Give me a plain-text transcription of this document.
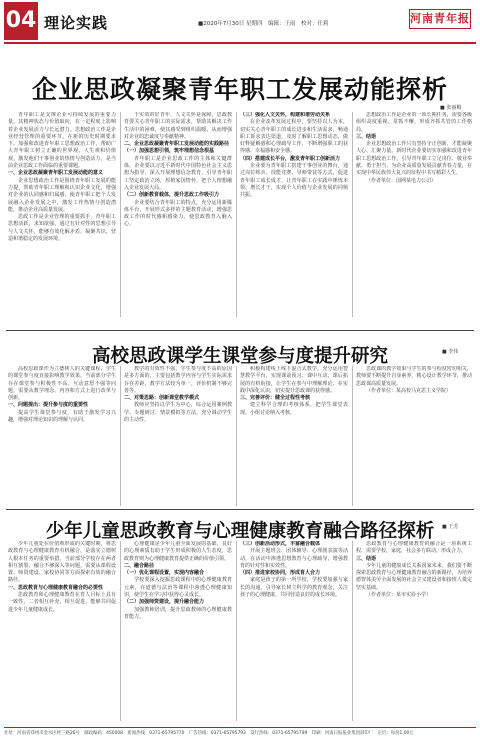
04 理论实践	■2020年7月30日 星期四　编辑：王雨　校对：任莉	河南青年报
企业思政凝聚青年职工发展动能探析
■ 张丽梅

青年职工是支撑企业可持续发展的重要力量，其精神状态与价值取向，在一定程度上影响着企业发展活力与长远潜力。思想政治工作是企业经营管理的重要环节，在新的历史时期要求下，加强和改进青年职工思想政治工作，帮助广大青年职工树立正确的世界观、人生观和价值观，激发他们干事创业的热情与创造活力，是当前企业思政工作面临的重要课题。

一、企业思政凝聚青年职工发展动能的意义

企业思想政治工作是围绕青年职工发展的能力提，帮助青年职工理解和认识企业文化，增强对企业的认同感和归属感，使青年职工把个人发展融入企业发展之中，激发工作热情与创造潜能，推动企业高质量发展。

思政工作是企业管理的重要抓手，青年职工思想活跃、求知欲强，通过有针对性的思想引导与人文关怀，能够有效化解矛盾，凝聚共识，营造和谐稳定的发展环境。

干实效的好青年，人文关怀是保障，思政教育要关心青年职工的实际需求，帮助其解决工作生活中的困难，使其感受到组织温暖，从而增强对企业的忠诚度与奉献精神。

二、企业思政凝聚青年职工发展动能的实践路径

（一）加强思想引领，筑牢理想信念根基

青年职工是企业思政工作的主体和关键群体，企业要以习近平新时代中国特色社会主义思想为指导，深入开展理想信念教育，引导青年职工坚定政治立场，厚植家国情怀，把个人理想融入企业发展大局。

（二）创新教育载体，提升思政工作吸引力

企业要结合青年职工的特点，充分运用新媒体平台，开展形式多样的主题教育活动，增强思政工作的时代感和感染力，使思政教育入脑入心。

（三）强化人文关怀，构建和谐劳动关系

在企业改革发展过程中，要坚持以人为本，切实关心青年职工的成长进步和生活需求，畅通职工诉求表达渠道，及时了解职工思想动态，做好释疑解惑和心理疏导工作，不断增强职工的获得感、幸福感和安全感。

（四）搭建成长平台，激发青年职工创新活力

企业要为青年职工搭建干事创业的舞台，通过岗位练兵、技能竞赛、导师带徒等方式，促进青年职工成长成才，让青年职工在实践中锤炼本领、增长才干，实现个人价值与企业发展的同频共振。

思想政治工作是企业的一项长期任务，需要各级组织高度重视、常抓不懈，形成齐抓共管的工作格局。

三、结语

企业思想政治工作只有坚持守正创新，才能凝聚人心、汇聚力量。新时代企业要切实加强和改进青年职工思想政治工作，引导青年职工立足岗位、敬业奉献、勇于担当，为企业高质量发展贡献青春力量，在实现中华民族伟大复兴的征程中书写精彩人生。

（作者单位：国网某电力公司）

高校思政课学生课堂参与度提升研究	■ 李伟

高校思政课作为立德树人的关键课程，学生的课堂参与度直接影响教学效果。当前部分学生存在课堂参与积极性不高、互动意愿不强等问题，需要从教学理念、内容和方式上进行改革与创新。

一、问题提出：提升参与度的重要性

提高学生课堂参与度，有助于激发学习兴趣，增强对理论知识的理解与认同。

教学的有效性不强，学生参与度不高的原因是多方面的，主要包括教学内容与学生实际需求存在差距，教学方法较为单一，评价机制不够完善等。

二、对策思路：创新课堂教学模式

教师应坚持以学生为中心，综合运用案例教学、专题研讨、情景模拟等方法，充分调动学生的主动性。

积极构建线上线下混合式教学，充分运用智慧教学平台，实现课前预习、课中互动、课后拓展的有机衔接，让学生在参与中理解理论、在实践中深化认识，切实提升思政课的获得感。

三、完善评价：健全过程性考核

建立科学合理的考核体系，把学生课堂表现、小组讨论纳入考核。

思政课的教学效果与学生的参与程度密切相关，教师要不断提升自身素养，精心设计教学环节，推动思政课高质量发展。

（作者单位：某高校马克思主义学院）

少年儿童思政教育与心理健康教育融合路径探析	■ 王芳

少年儿童处在价值观形成的关键时期，将思政教育与心理健康教育有机融合，是落实立德树人根本任务的重要举措。当前部分学校存在两者相互割裂、融合不够深入等问题，需要从课程设置、师资建设、家校协同等方面探索有效的融合路径。

一、思政教育与心理健康教育融合的必要性

思政教育和心理健康教育在育人目标上具有一致性，二者相互补充、相互促进，能够共同促进少年儿童健康成长。

心理健康是少年儿童全面发展的基础，良好的心理素质有助于学生形成积极的人生态度，思政教育则为心理健康教育提供正确的价值引领。

二、融合路径

（一）优化课程设置，实现内容融合

学校要深入挖掘思政课程中的心理健康教育元素，在道德与法治等课程中渗透心理健康知识，使学生在学习中获得心灵成长。

（二）加强师资建设，提升融合能力

加强教师培训，提升思政教师的心理健康教育能力。

（三）创新活动形式，丰富融合载体

开展主题班会、团体辅导、心理剧表演等活动，在活动中渗透思想教育与心理疏导，增强教育的针对性和实效性。

（四）推进家校协同，形成育人合力

家庭是孩子的第一所学校，学校要加强与家长的沟通，引导家长树立科学的教育观念，关注孩子的心理健康，共同营造良好的成长环境。

思政教育与心理健康教育的融合是一项系统工程，需要学校、家庭、社会多方联动，形成合力。

三、结语

少年儿童的健康成长关系国家未来。我们要不断探索思政教育与心理健康教育融合的新路径，为培养德智体美劳全面发展的社会主义建设者和接班人奠定坚实基础。

（作者单位：某市实验小学）

社址：河南省郑州市金水区经三路26号　邮政编码：450008　新闻热线：0371-65795770　广告热线：0371-65795793　发行热线：0371-65795789　印刷：河南日报报业集团彩印厂　定价：每份1.00元
